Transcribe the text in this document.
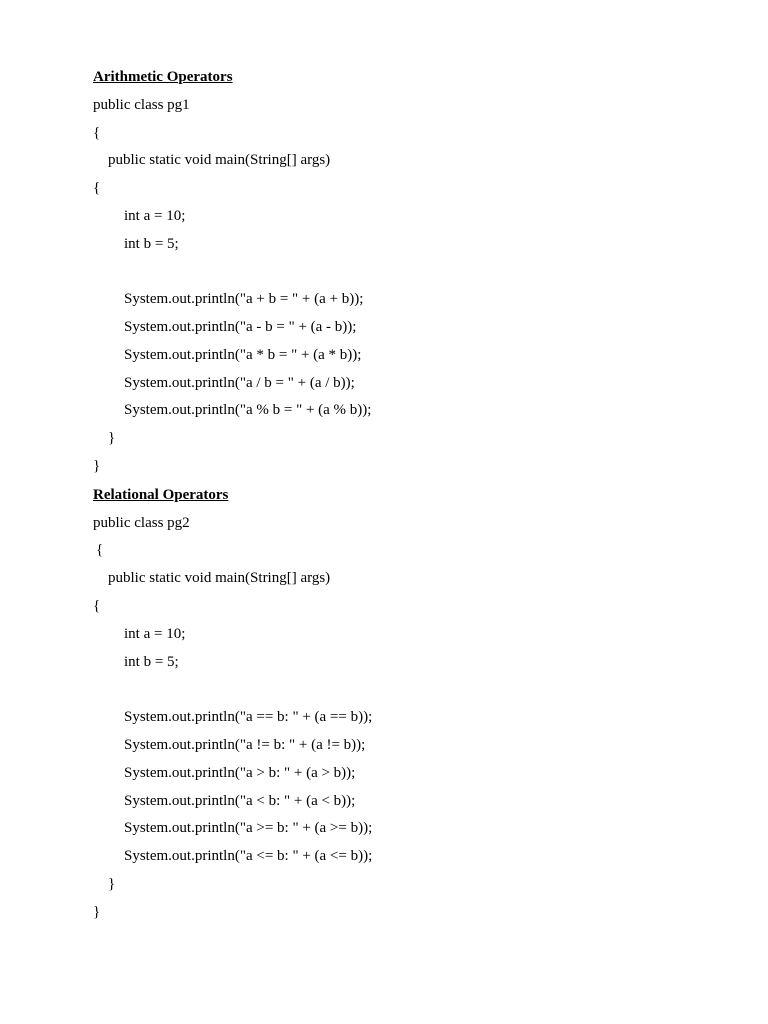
Arithmetic Operators

public class pg1

{

public static void main(String[] args)

{

int a = 10;

int b = 5;

System.out.println("a + b = " + (a + b));

System.out.println("a - b = " + (a - b));

System.out.println("a * b = " + (a * b));

System.out.println("a / b = " + (a / b));

System.out.println("a % b = " + (a % b));

}

}

Relational Operators

public class pg2

{

public static void main(String[] args)

{

int a = 10;

int b = 5;

System.out.println("a == b: " + (a == b));

System.out.println("a != b: " + (a != b));

System.out.println("a > b: " + (a > b));

System.out.println("a < b: " + (a < b));

System.out.println("a >= b: " + (a >= b));

System.out.println("a <= b: " + (a <= b));

}

}
